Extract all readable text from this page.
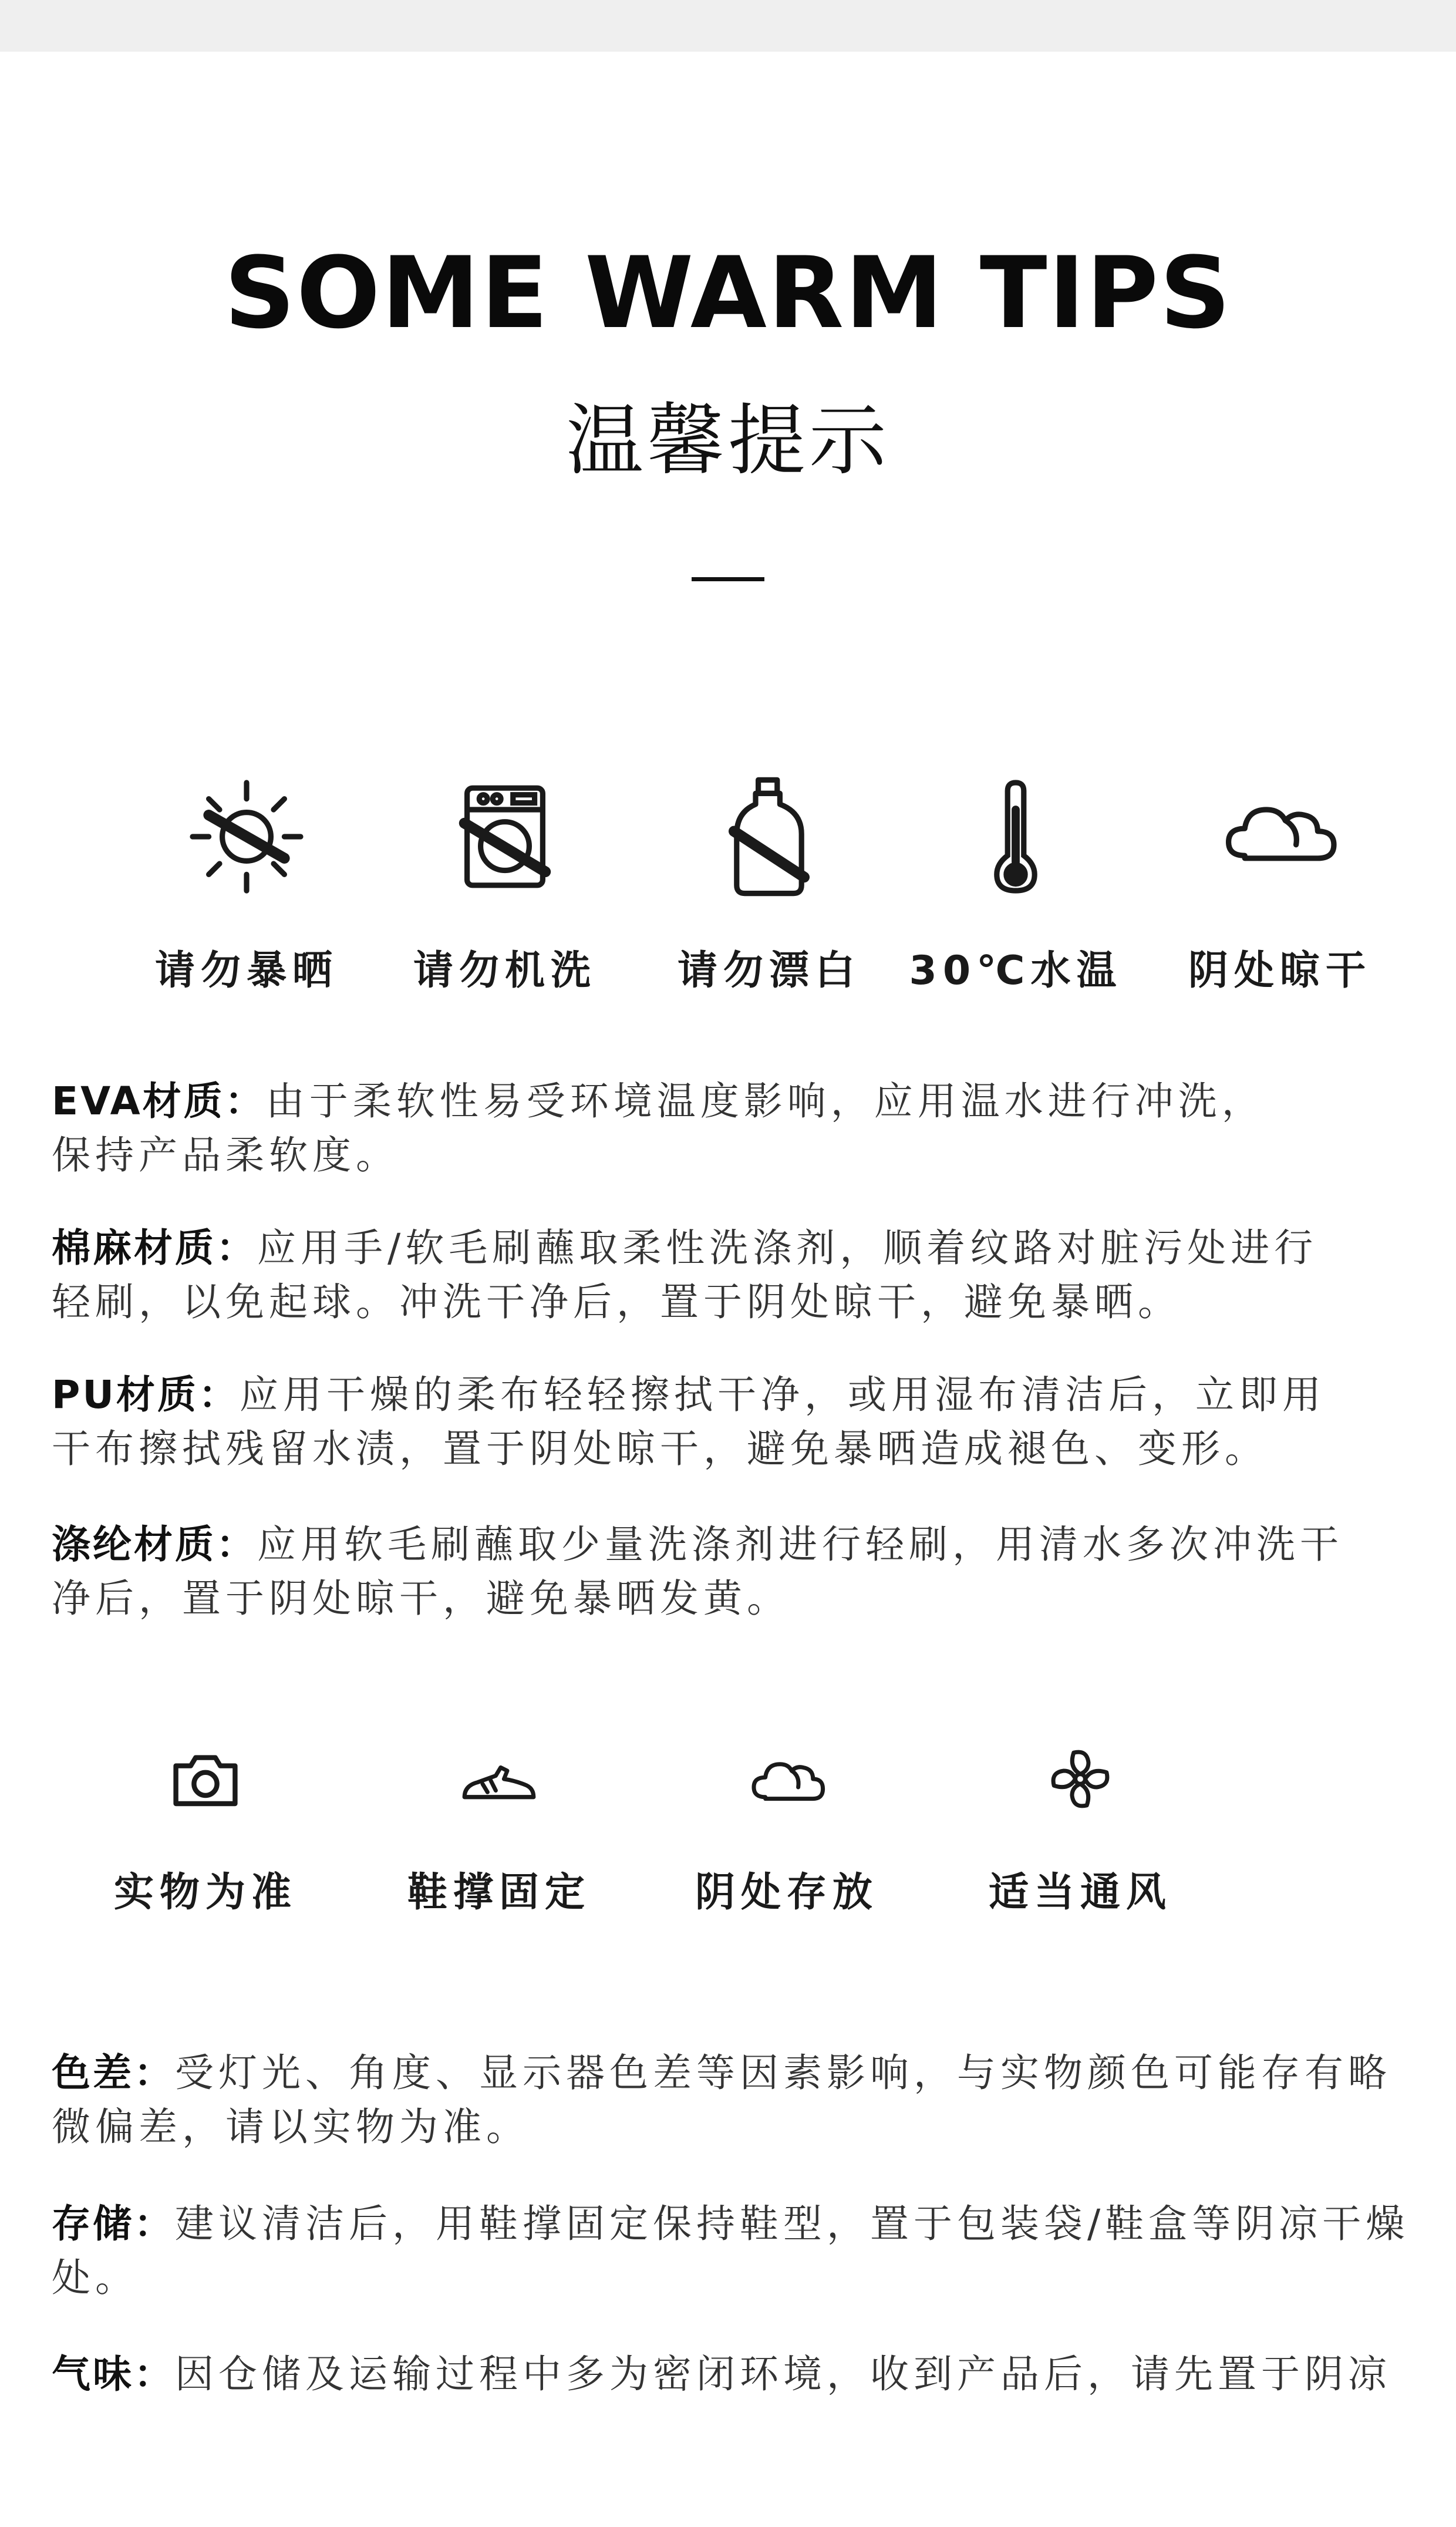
SOME WARM TIPS
温馨提示
请勿暴晒	请勿机洗	请勿漂白	30℃水温	阴处晾干
EVA材质：由于柔软性易受环境温度影响，应用温水进行冲洗，
保持产品柔软度。
棉麻材质：应用手/软毛刷蘸取柔性洗涤剂，顺着纹路对脏污处进行
轻刷，以免起球。冲洗干净后，置于阴处晾干，避免暴晒。
PU材质：应用干燥的柔布轻轻擦拭干净，或用湿布清洁后，立即用
干布擦拭残留水渍，置于阴处晾干，避免暴晒造成褪色、变形。
涤纶材质：应用软毛刷蘸取少量洗涤剂进行轻刷，用清水多次冲洗干
净后，置于阴处晾干，避免暴晒发黄。
实物为准	鞋撑固定	阴处存放	适当通风
色差：受灯光、角度、显示器色差等因素影响，与实物颜色可能存有略
微偏差，请以实物为准。
存储：建议清洁后，用鞋撑固定保持鞋型，置于包装袋/鞋盒等阴凉干燥
处。
气味：因仓储及运输过程中多为密闭环境，收到产品后，请先置于阴凉
